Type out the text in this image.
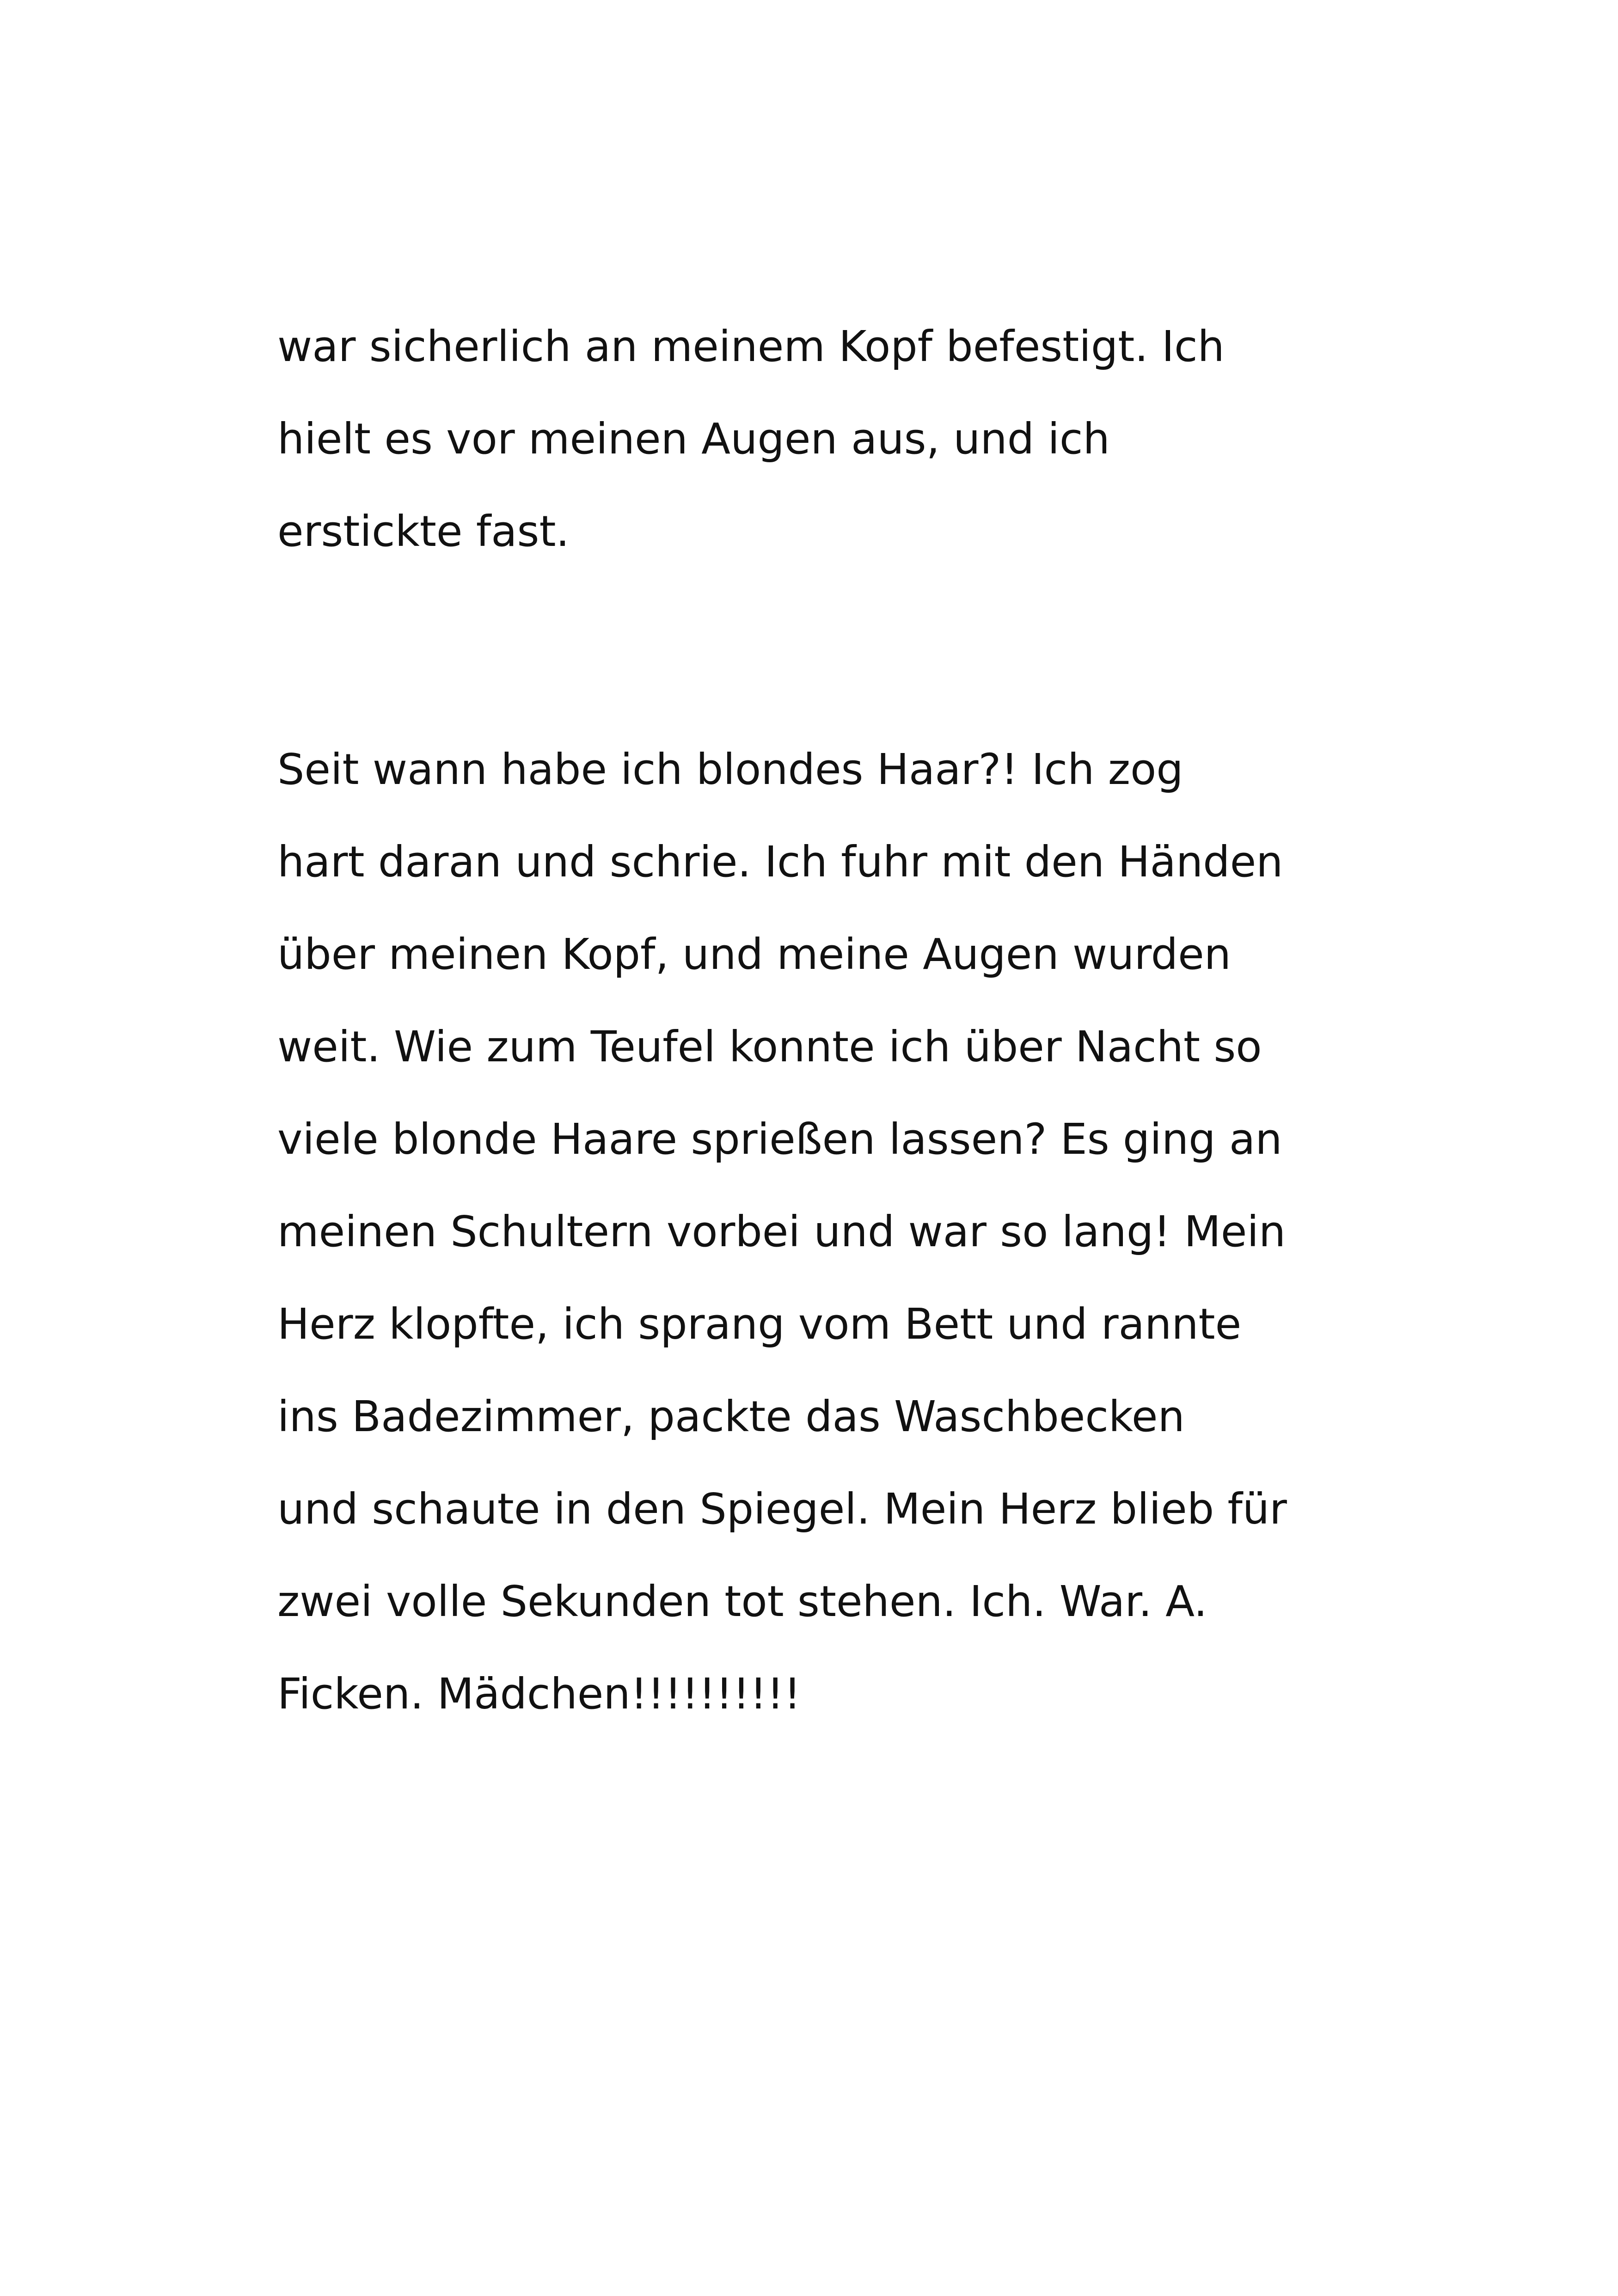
war sicherlich an meinem Kopf befestigt. Ich
hielt es vor meinen Augen aus, und ich
erstickte fast.
Seit wann habe ich blondes Haar?! Ich zog
hart daran und schrie. Ich fuhr mit den Händen
über meinen Kopf, und meine Augen wurden
weit. Wie zum Teufel konnte ich über Nacht so
viele blonde Haare sprießen lassen? Es ging an
meinen Schultern vorbei und war so lang! Mein
Herz klopfte, ich sprang vom Bett und rannte
ins Badezimmer, packte das Waschbecken
und schaute in den Spiegel. Mein Herz blieb für
zwei volle Sekunden tot stehen. Ich. War. A.
Ficken. Mädchen!!!!!!!!!!
